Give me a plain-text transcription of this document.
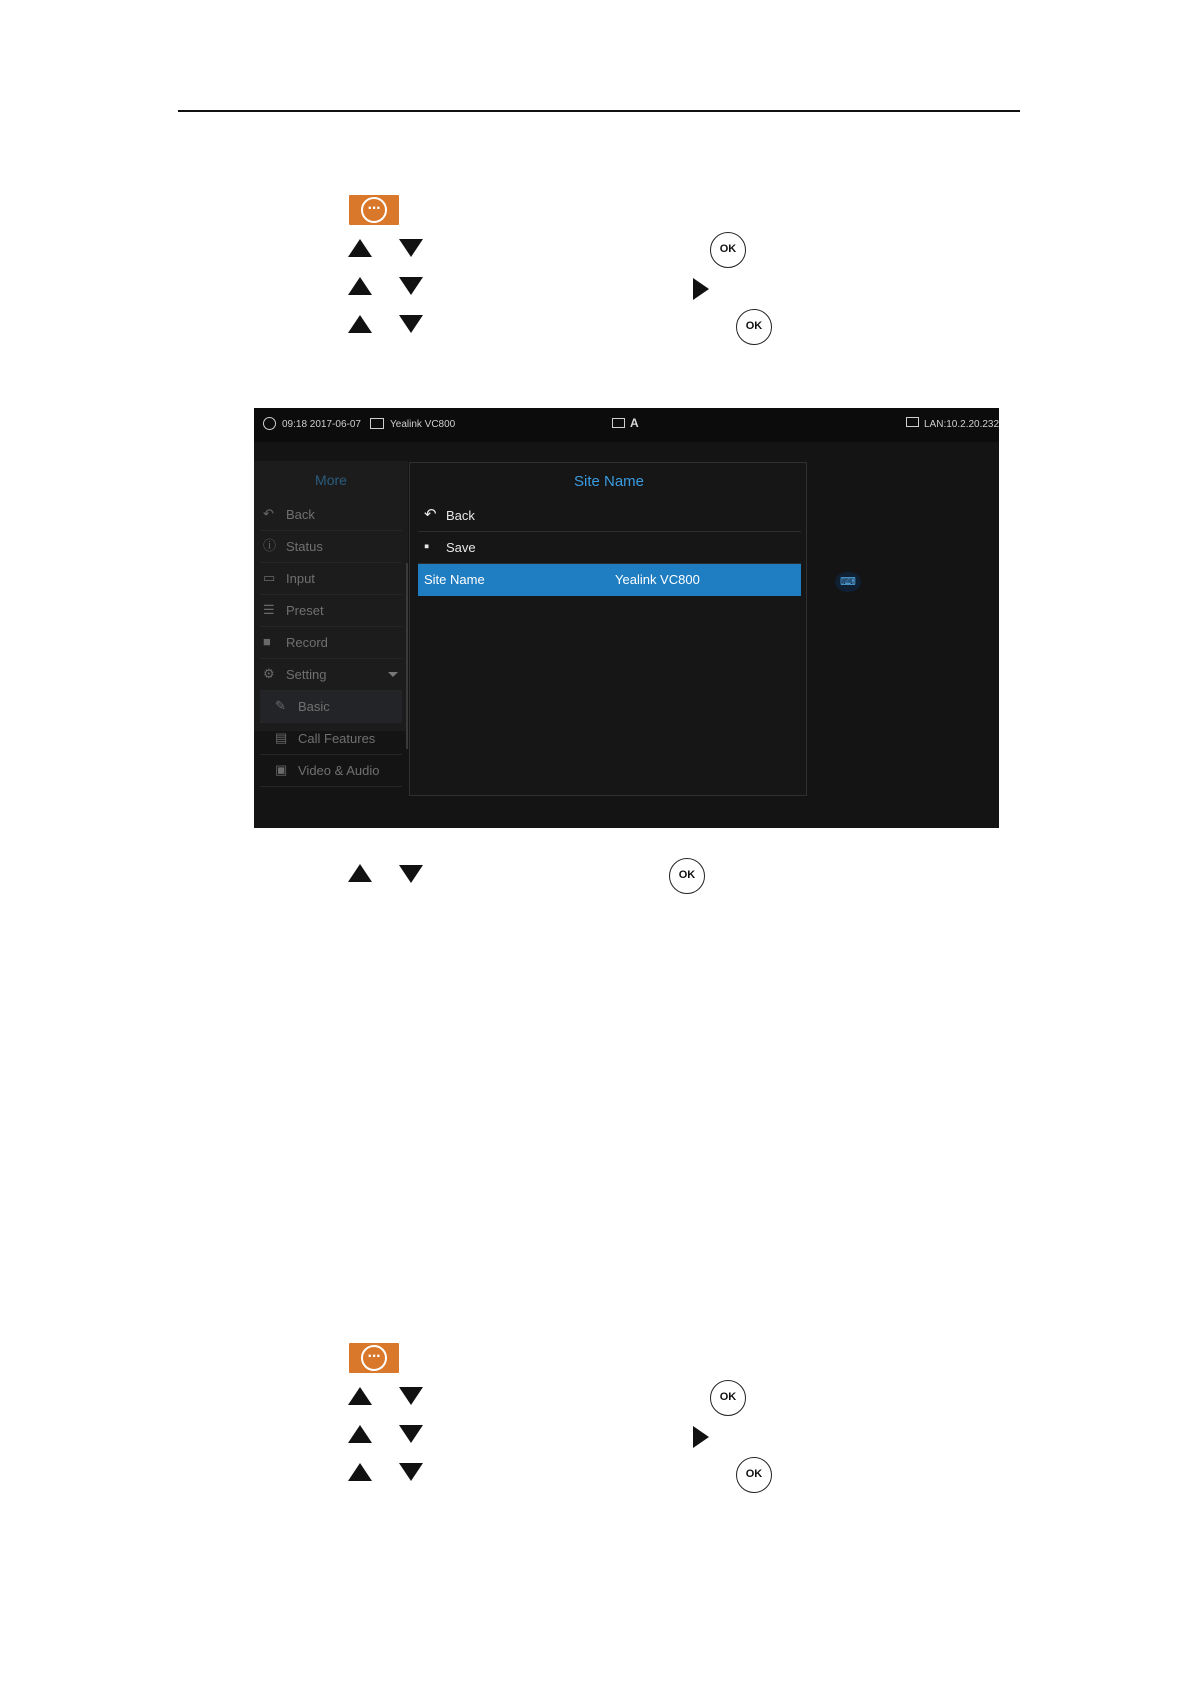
···
OK
OK
09:18 2017-06-07	Yealink VC800	A	LAN:10.2.20.232
More
↶ Back
ⓘ Status
▭ Input
☰ Preset
■	Record
⚙ Setting
✎ Basic
▤ Call Features
▣ Video & Audio
Site Name
↶ Back
▪ Save
Site Name	Yealink VC800	⌨
OK
···
OK
OK
